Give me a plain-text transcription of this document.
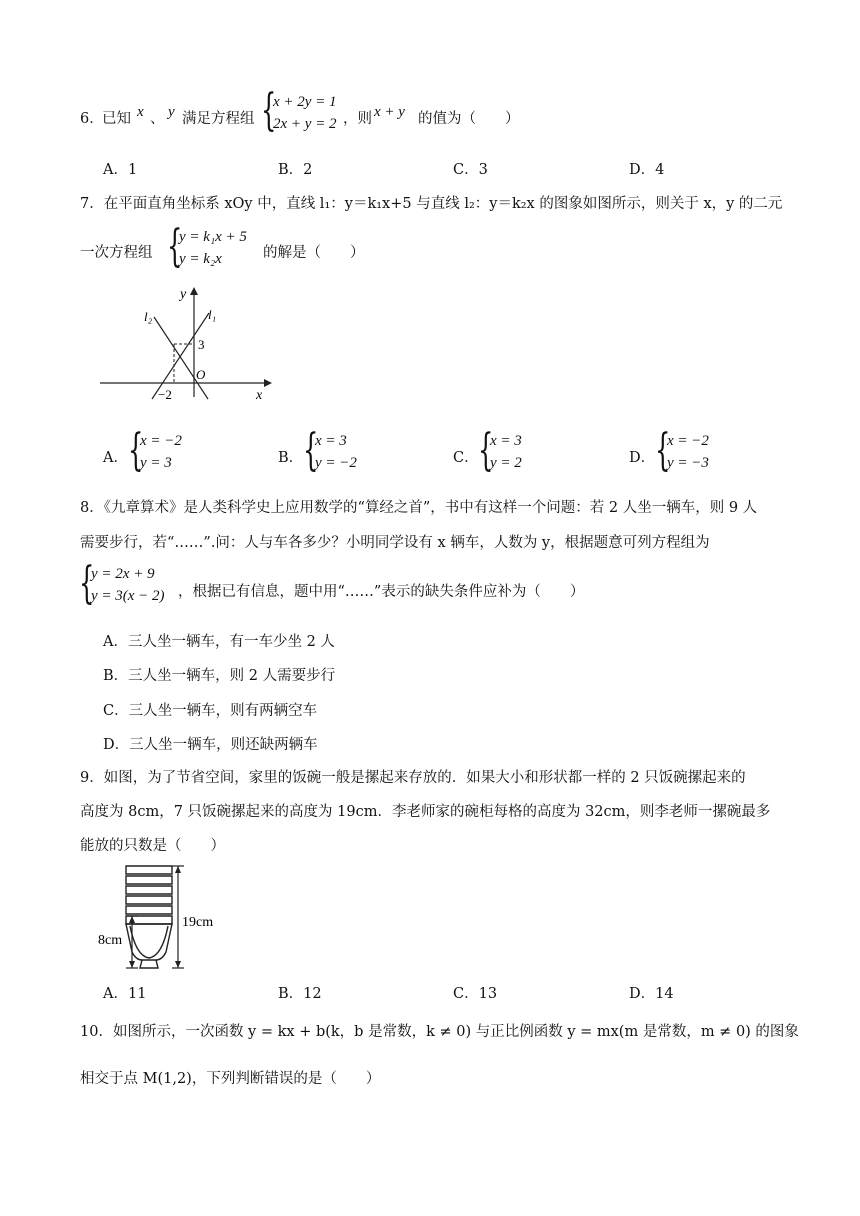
6．
已知 x 、 y 满足方程组 {
x + 2y = 1
2x + y = 2 ，则 x + y 的值为（　　）
A．1	B．2	C．3	D．4
7．在平面直角坐标系 xOy 中，直线 l₁：y＝k₁x+5 与直线 l₂：y＝k₂x 的图象如图所示，则关于 x，y 的二元
一次方程组 {
y = k₁x + 5
y = k₂x	的解是（　　）
y
x
O
l₁
l₂
3
−2
A． {
x = −2
y = 3	B． {
x = 3
y = −2	C． {
x = 3
y = 2	D． {
x = −2
y = −3
8．《九章算术》是人类科学史上应用数学的“算经之首”，书中有这样一个问题：若 2 人坐一辆车，则 9 人
需要步行，若“……”.问：人与车各多少？小明同学设有 x 辆车，人数为 y，根据题意可列方程组为
{
y = 2x + 9
y = 3(x − 2) ，根据已有信息，题中用“……”表示的缺失条件应补为（　　）
A．三人坐一辆车，有一车少坐 2 人
B．三人坐一辆车，则 2 人需要步行
C．三人坐一辆车，则有两辆空车
D．三人坐一辆车，则还缺两辆车
9．如图，为了节省空间，家里的饭碗一般是摞起来存放的．如果大小和形状都一样的 2 只饭碗摞起来的
高度为 8cm，7 只饭碗摞起来的高度为 19cm．李老师家的碗柜每格的高度为 32cm，则李老师一摞碗最多
能放的只数是（　　）
8cm
19cm
A．11	B．12	C．13	D．14
10．如图所示，一次函数 y = kx + b(k，b 是常数，k ≠ 0) 与正比例函数 y = mx(m 是常数，m ≠ 0) 的图象
相交于点 M(1,2)，下列判断错误的是（　　）
